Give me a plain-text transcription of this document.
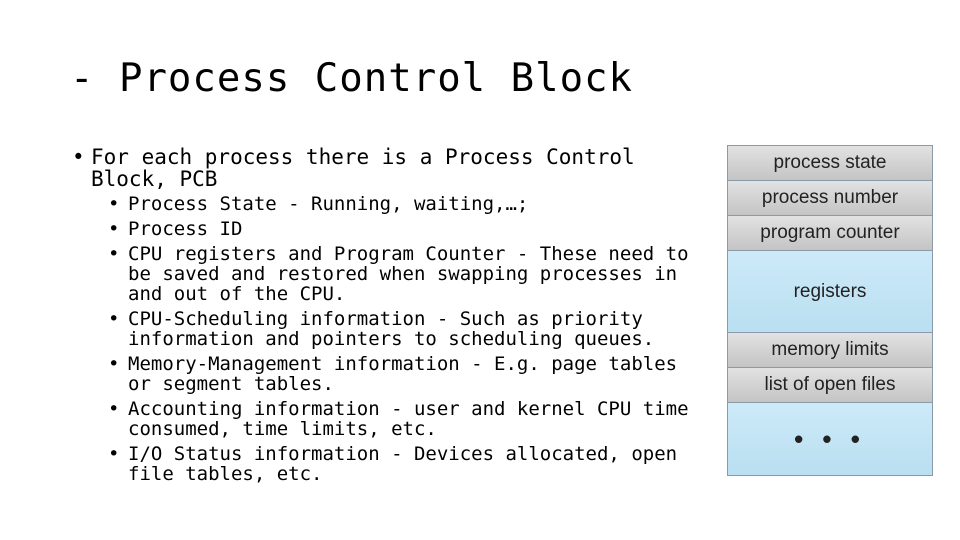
- Process Control Block
• For each process there is a Process Control Block, PCB
• Process State - Running, waiting,…;
• Process ID
• CPU registers and Program Counter - These need to be saved and restored when swapping processes in and out of the CPU.
• CPU-Scheduling information - Such as priority information and pointers to scheduling queues.
• Memory-Management information - E.g. page tables or segment tables.
• Accounting information - user and kernel CPU time consumed, time limits, etc.
• I/O Status information - Devices allocated, open file tables, etc.
process state
process number
program counter
registers
memory limits
list of open files
• • •
